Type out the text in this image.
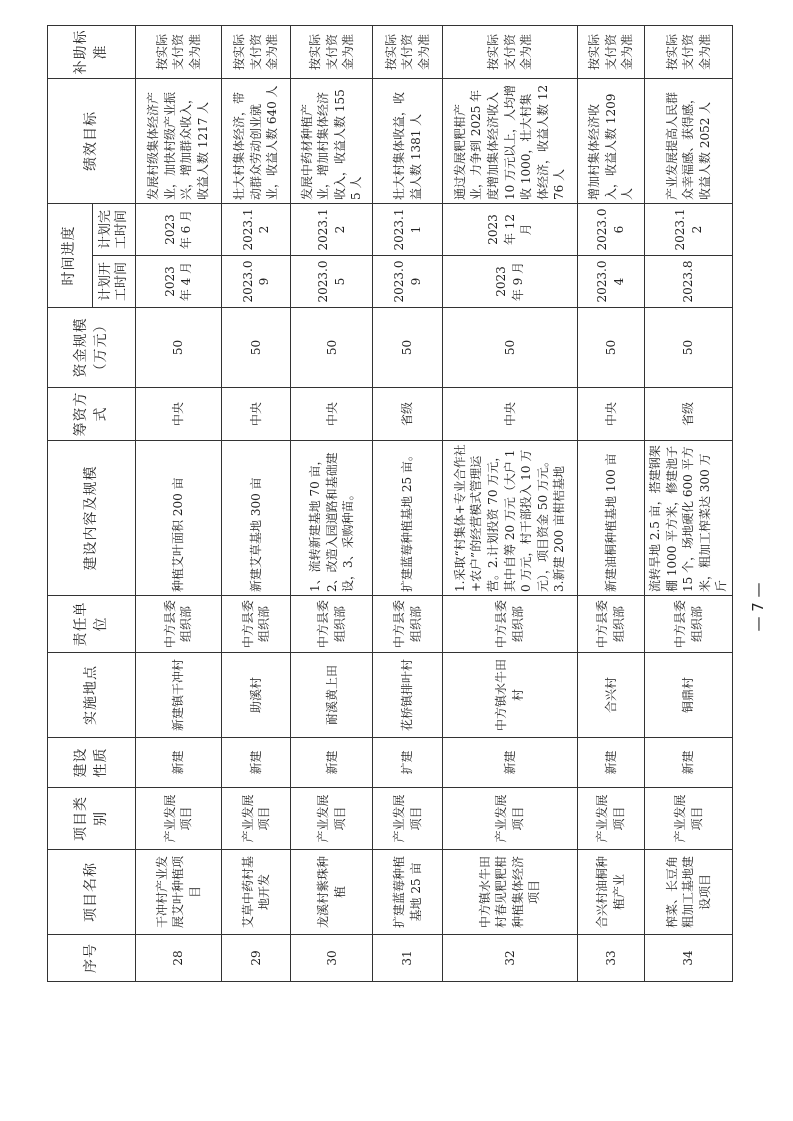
序号	项目名称	项目类别	建设性质	实施地点	责任单位	建设内容及规模	筹资方式	资金规模（万元）	时间进度		绩效目标	补助标准
									计划开工时间	计划完工时间		
28	干冲村产业发展艾叶种植项目	产业发展项目	新建	新建镇干冲村	中方县委组织部	种植艾叶面积 200 亩	中央	50	2023 年 4 月	2023 年 6 月	发展村级集体经济产业，加快村级产业振兴，增加群众收入，收益人数 1217 人	按实际支付资金为准
29	艾草中药村基地开发	产业发展项目	新建	助溪村	中方县委组织部	新建艾草基地 300 亩	中央	50	2023.09	2023.12	壮大村集体经济，带动群众劳动创业就业，收益人数 640 人	按实际支付资金为准
30	龙溪村紫珠种植	产业发展项目	新建	耐溪黄上田	中方县委组织部	1、流转新建基地 70 亩，2、改造入园道路和基础建设，3、采购种苗。	中央	50	2023.05	2023.12	发展中药材种植产业，增加村集体经济收入，收益人数 1555 人	按实际支付资金为准
31	扩建蓝莓种植基地 25 亩	产业发展项目	扩建	花桥镇排叶村	中方县委组织部	扩建蓝莓种植基地 25 亩。	省级	50	2023.09	2023.11	壮大村集体收益，收益人数 1381 人	按实际支付资金为准
32	中方镇水牛田村春见粑粑柑种植集体经济项目	产业发展项目	新建	中方镇水牛田村	中方县委组织部	1.采取“村集体+专业合作社+农户”的经营模式管理运营。2.计划投资 70 万元，其中自筹 20 万元（大户 10 万元，村干部投入 10 万元），项目资金 50 万元。3.新建 200 亩柑桔基地	中央	50	2023 年 9 月	2023 年 12 月	通过发展粑粑柑产业，力争到 2025 年度增加集体经济收入 10 万元以上，人均增收 1000，壮大村集体经济，收益人数 1276 人	按实际支付资金为准
33	合兴村油桐种植产业	产业发展项目	新建	合兴村	中方县委组织部	新建油桐种植基地 100 亩	中央	50	2023.04	2023.06	增加村集体经济收入，收益人数 1209 人	按实际支付资金为准
34	榨菜、长豆角粗加工基地建设项目	产业发展项目	新建	铜鼎村	中方县委组织部	流转旱地 2.5 亩，搭建钢架棚 1000 平方米，修建池子 15 个，场地硬化 600 平方米，粗加工榨菜达 300 万斤	省级	50	2023.8	2023.12	产业发展提高人民群众幸福感、获得感，收益人数 2052 人	按实际支付资金为准
— 7 —
